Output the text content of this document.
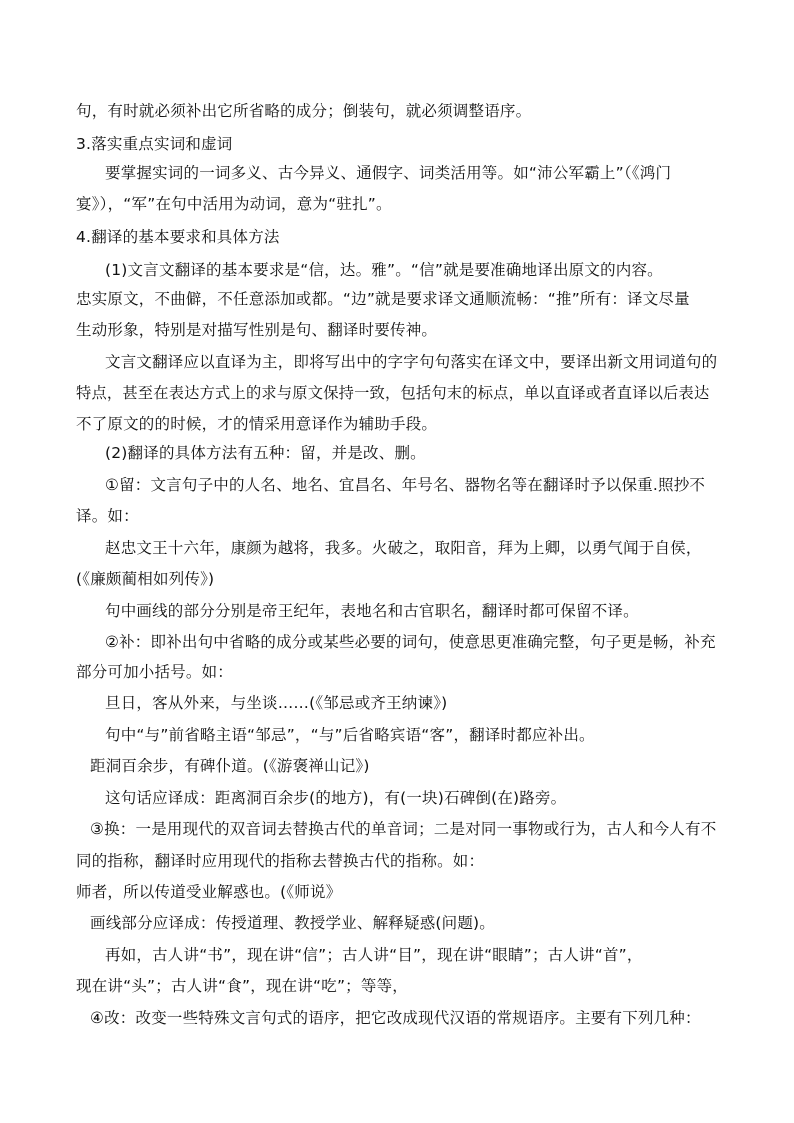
句，有时就必须补出它所省略的成分；倒装句，就必须调整语序。
3.落实重点实词和虚词
要掌握实词的一词多义、古今异义、通假字、词类活用等。如“沛公军霸上”（《鸿门
宴》），“军”在句中活用为动词，意为“驻扎”。
4.翻译的基本要求和具体方法
(1)文言文翻译的基本要求是“信，达。雅”。“信”就是要准确地译出原文的内容。
忠实原文，不曲僻，不任意添加或都。“边”就是要求译文通顺流畅：“推”所有：译文尽量
生动形象，特别是对描写性别是句、翻译时要传神。
文言文翻译应以直译为主，即将写出中的字字句句落实在译文中，要译出新文用词道句的
特点，甚至在表达方式上的求与原文保持一致，包括句末的标点，单以直译或者直译以后表达
不了原文的的时候，才的情采用意译作为辅助手段。
(2)翻译的具体方法有五种：留，并是改、删。
①留：文言句子中的人名、地名、宜昌名、年号名、器物名等在翻译时予以保重.照抄不
译。如：
赵忠文王十六年，康颜为越将，我多。火破之，取阳音，拜为上卿，以勇气闻于自侯，
(《廉颇蔺相如列传》)
句中画线的部分分别是帝王纪年，表地名和古官职名，翻译时都可保留不译。
②补：即补出句中省略的成分或某些必要的词句，使意思更准确完整，句子更是畅，补充
部分可加小括号。如：
旦日，客从外来，与坐谈……(《邹忌或齐王纳谏》)
句中“与”前省略主语“邹忌”，“与”后省略宾语“客”，翻译时都应补出。
距洞百余步，有碑仆道。(《游褒禅山记》)
这句话应译成：距离洞百余步(的地方)，有(一块)石碑倒(在)路旁。
③换：一是用现代的双音词去替换古代的单音词；二是对同一事物或行为，古人和今人有不
同的指称，翻译时应用现代的指称去替换古代的指称。如：
师者，所以传道受业解惑也。(《师说》
画线部分应译成：传授道理、教授学业、解释疑惑(问题)。
再如，古人讲“书”，现在讲“信”；古人讲“目”，现在讲“眼睛”；古人讲“首”，
现在讲“头”；古人讲“食”，现在讲“吃”；等等，
④改：改变一些特殊文言句式的语序，把它改成现代汉语的常规语序。主要有下列几种：
